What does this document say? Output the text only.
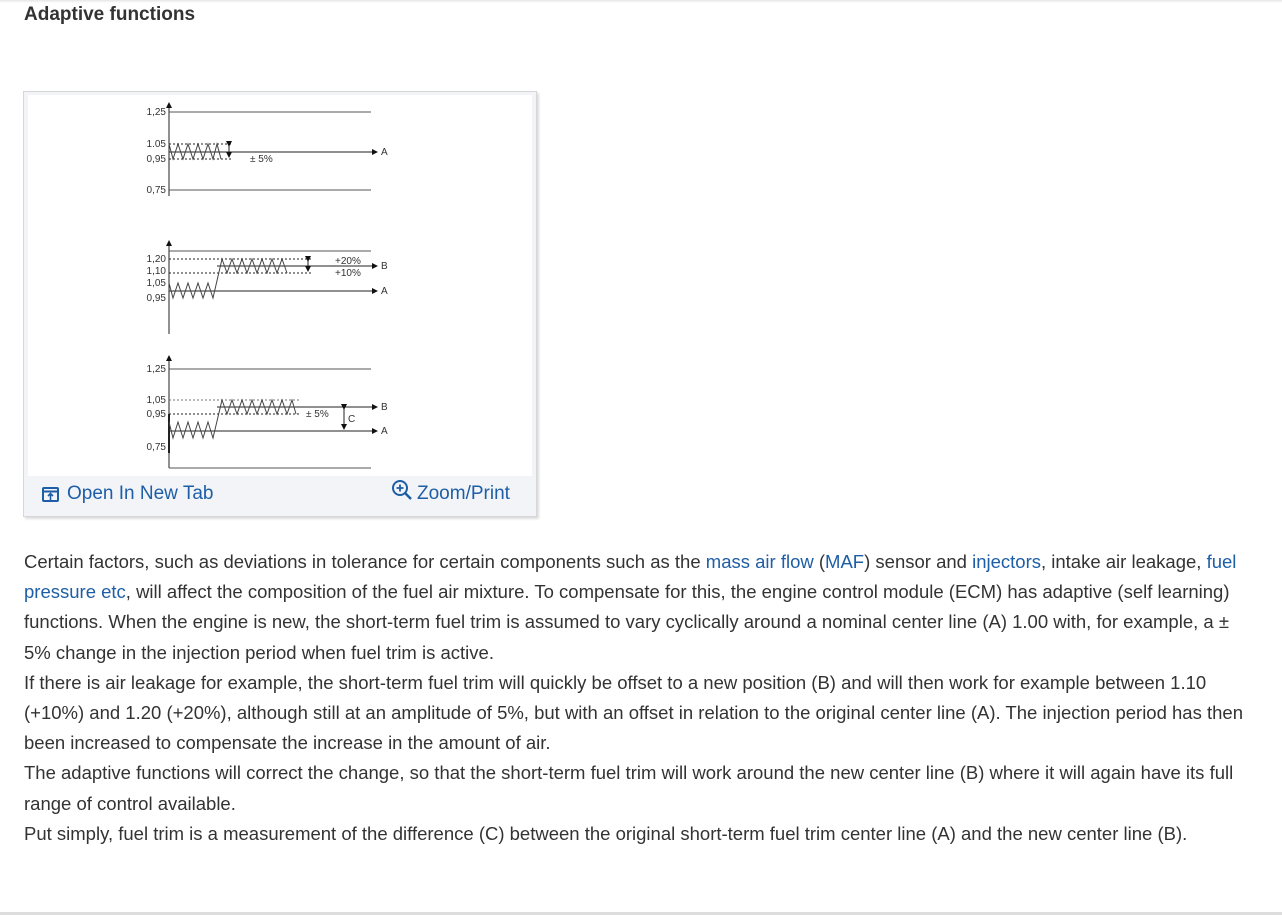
Adaptive functions
1,25
1.05
0,95
0,75
1,20
1,10
1,05
0,95
1,25
1,05
0,95
0,75
± 5%
A
+20%
+10%
B
A
± 5% C
B
A
Open In New Tab	Zoom/Print

Certain factors, such as deviations in tolerance for certain components such as the mass air flow (MAF) sensor and injectors, intake air leakage, fuel pressure etc, will affect the composition of the fuel air mixture. To compensate for this, the engine control module (ECM) has adaptive (self learning) functions. When the engine is new, the short-term fuel trim is assumed to vary cyclically around a nominal center line (A) 1.00 with, for example, a ± 5% change in the injection period when fuel trim is active.

If there is air leakage for example, the short-term fuel trim will quickly be offset to a new position (B) and will then work for example between 1.10 (+10%) and 1.20 (+20%), although still at an amplitude of 5%, but with an offset in relation to the original center line (A). The injection period has then been increased to compensate the increase in the amount of air.

The adaptive functions will correct the change, so that the short-term fuel trim will work around the new center line (B) where it will again have its full range of control available.

Put simply, fuel trim is a measurement of the difference (C) between the original short-term fuel trim center line (A) and the new center line (B).
